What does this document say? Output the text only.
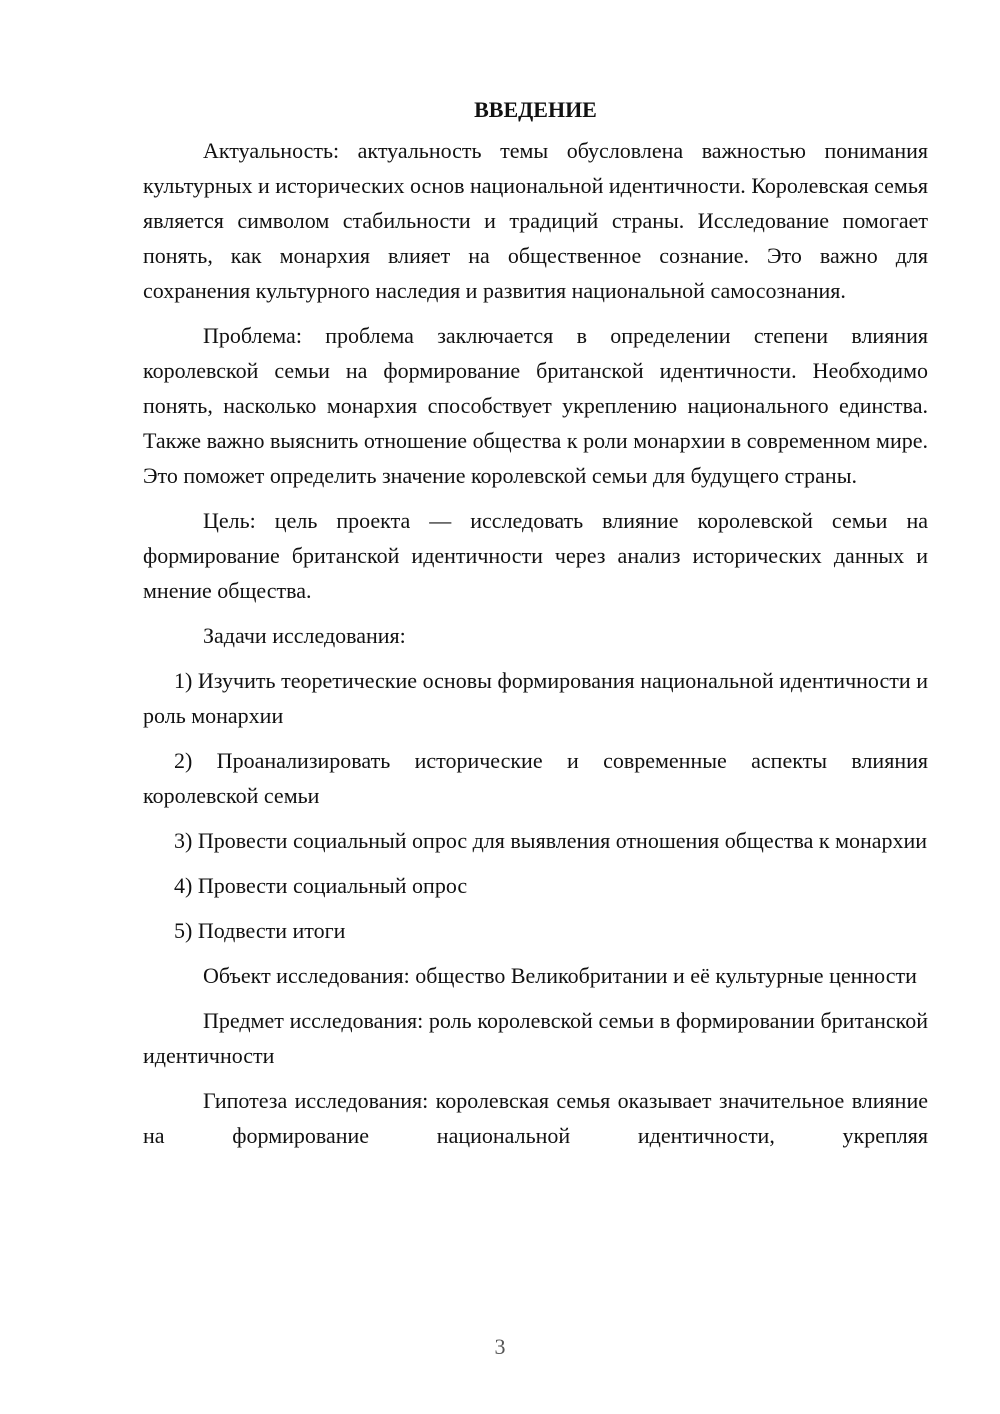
ВВЕДЕНИЕ

Актуальность: актуальность темы обусловлена важностью понимания культурных и исторических основ национальной идентичности. Королевская семья является символом стабильности и традиций страны. Исследование помогает понять, как монархия влияет на общественное сознание. Это важно для сохранения культурного наследия и развития национальной самосознания.

Проблема: проблема заключается в определении степени влияния королевской семьи на формирование британской идентичности. Необходимо понять, насколько монархия способствует укреплению национального единства. Также важно выяснить отношение общества к роли монархии в современном мире. Это поможет определить значение королевской семьи для будущего страны.

Цель: цель проекта — исследовать влияние королевской семьи на формирование британской идентичности через анализ исторических данных и мнение общества.

Задачи исследования:

1) Изучить теоретические основы формирования национальной идентичности и роль монархии

2) Проанализировать исторические и современные аспекты влияния королевской семьи

3) Провести социальный опрос для выявления отношения общества к монархии

4) Провести социальный опрос

5) Подвести итоги

Объект исследования: общество Великобритании и её культурные ценности

Предмет исследования: роль королевской семьи в формировании британской идентичности

Гипотеза исследования: королевская семья оказывает значительное влияние на формирование национальной идентичности, укрепляя

3
